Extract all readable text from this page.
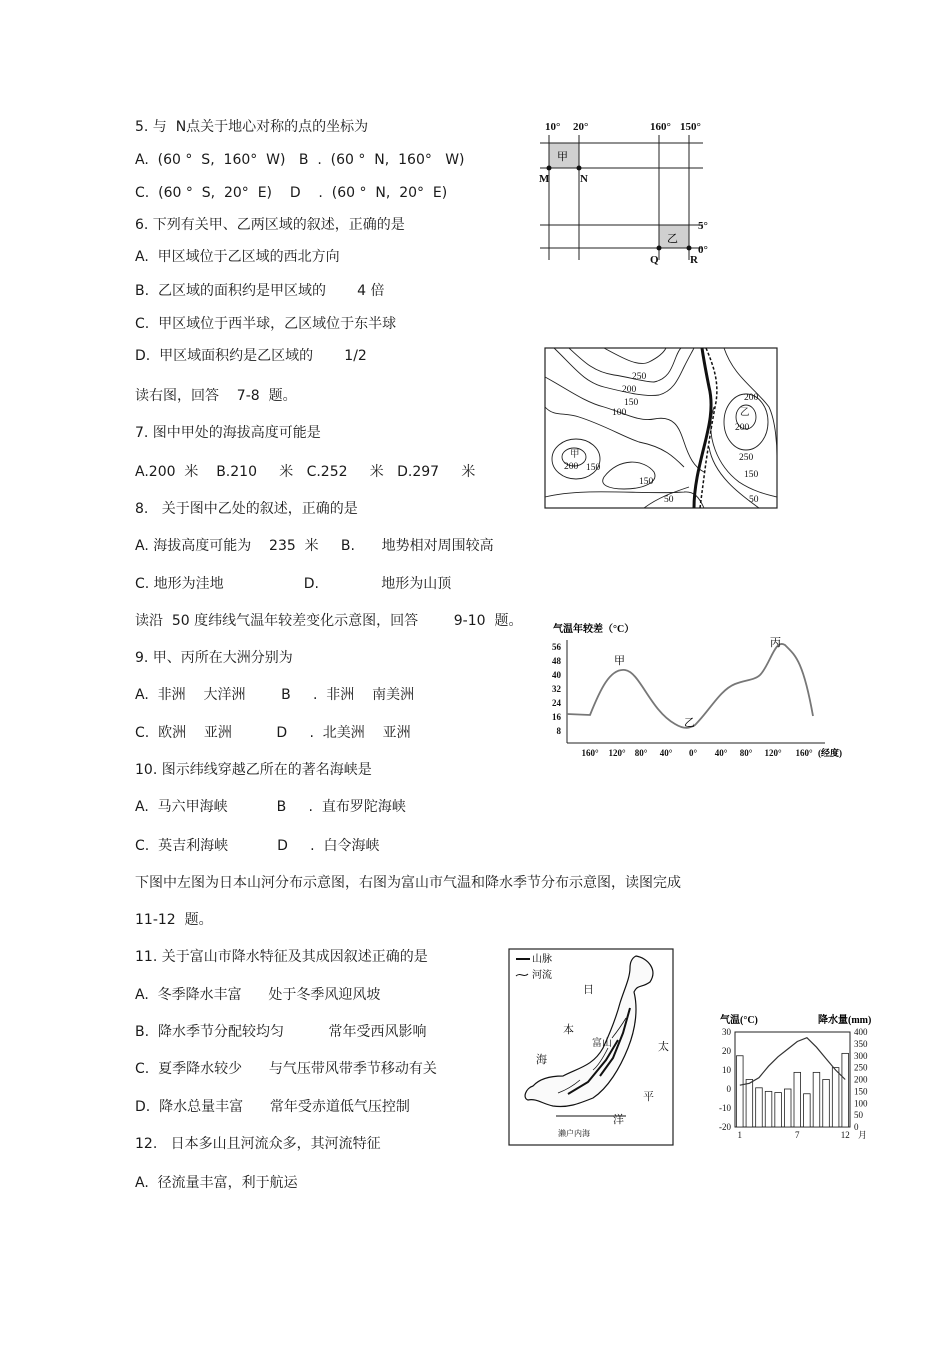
5. 与  N点关于地心对称的点的坐标为
A.  (60 °  S,  160°  W)   B  .  (60 °  N,  160°   W)
C.  (60 °  S,  20°  E)    D    .  (60 °  N,  20°  E)
6. 下列有关甲、乙两区域的叙述，正确的是
A.  甲区域位于乙区域的西北方向
B.  乙区域的面积约是甲区域的       4 倍
C.  甲区域位于西半球，乙区域位于东半球
D.  甲区域面积约是乙区域的       1/2
读右图，回答    7-8  题。
7. 图中甲处的海拔高度可能是
A.200  米    B.210     米   C.252     米   D.297     米
8.   关于图中乙处的叙述，正确的是
A. 海拔高度可能为    235  米     B.      地势相对周围较高
C. 地形为洼地                  D.              地形为山顶
读沿  50 度纬线气温年较差变化示意图，回答        9-10  题。
9. 甲、丙所在大洲分别为
A.  非洲    大洋洲        B     .  非洲    南美洲
C.  欧洲    亚洲          D     .  北美洲    亚洲
10. 图示纬线穿越乙所在的著名海峡是
A.  马六甲海峡           B     .  直布罗陀海峡
C.  英吉利海峡           D     .  白令海峡
下图中左图为日本山河分布示意图，右图为富山市气温和降水季节分布示意图，读图完成
11-12  题。
11. 关于富山市降水特征及其成因叙述正确的是
A.  冬季降水丰富      处于冬季风迎风坡
B.  降水季节分配较均匀          常年受西风影响
C.  夏季降水较少      与气压带风带季节移动有关
D.  降水总量丰富      常年受赤道低气压控制
12.   日本多山且河流众多，其河流特征
A.  径流量丰富，利于航运
10° 20°	160° 150°
5°
0°
M	N
Q	R
甲
乙
250
200
150
100
200 150
150
50
200
200
250
150
50
甲
乙
气温年较差（°C）
56
48
40
32
24
16
8
160° 120° 80° 40° 0° 40° 80° 120° 160° (经度)
甲
乙
丙
山脉
河流
日
本
海
富山	太
平
洋
濑户内海
气温(°C)	降水量(mm)
30
20
10
0
-10
-20
400
350
300
250
200
150
100
50
0
1	7	12 月
